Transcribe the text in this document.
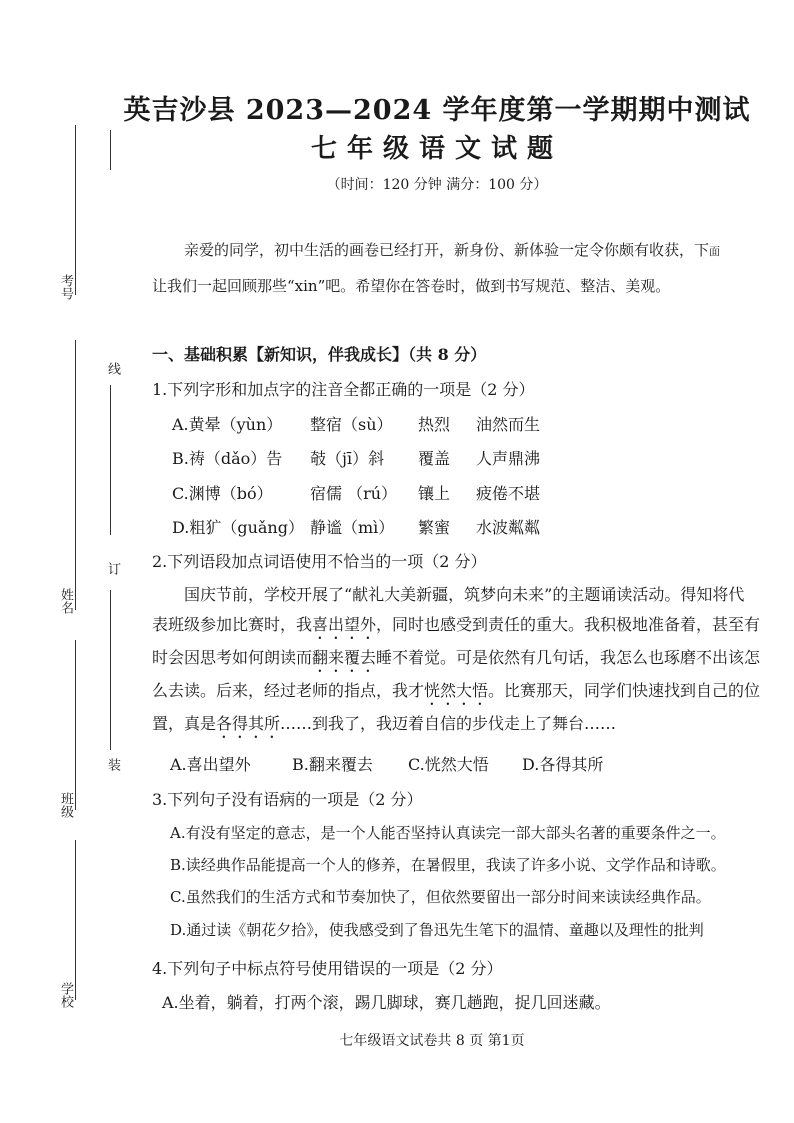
考号
姓名
班级
学校
线
订
装
英吉沙县 2023—2024 学年度第一学期期中测试
七年级语文试题
（时间：120 分钟 满分：100 分）
亲爱的同学，初中生活的画卷已经打开，新身份、新体验一定令你颇有收获，下面
让我们一起回顾那些“xin”吧。希望你在答卷时，做到书写规范、整洁、美观。
一、基础积累【新知识，伴我成长】（共 8 分）
1.下列字形和加点字的注音全都正确的一项是（2 分）
A.黄晕（yùn） 整宿（sù） 热烈 油然而生
B.祷（dǎo）告 攲（jī）斜 覆盖 人声鼎沸
C.渊博（bó） 宿儒 （rú） 镶上 疲倦不堪
D.粗犷（guǎng） 静谧（mì） 繁蜜 水波粼粼
2.下列语段加点词语使用不恰当的一项（2 分）
国庆节前，学校开展了“献礼大美新疆，筑梦向未来”的主题诵读活动。得知将代
表班级参加比赛时，我喜出望外，同时也感受到责任的重大。我积极地准备着，甚至有
时会因思考如何朗读而翻来覆去睡不着觉。可是依然有几句话，我怎么也琢磨不出该怎
么去读。后来，经过老师的指点，我才恍然大悟。比赛那天，同学们快速找到自己的位
置，真是各得其所……到我了，我迈着自信的步伐走上了舞台……
A.喜出望外	B.翻来覆去 C.恍然大悟 D.各得其所
3.下列句子没有语病的一项是（2 分）
A.有没有坚定的意志，是一个人能否坚持认真读完一部大部头名著的重要条件之一。
B.读经典作品能提高一个人的修养，在暑假里，我读了许多小说、文学作品和诗歌。
C.虽然我们的生活方式和节奏加快了，但依然要留出一部分时间来读读经典作品。
D.通过读《朝花夕拾》，使我感受到了鲁迅先生笔下的温情、童趣以及理性的批判
4.下列句子中标点符号使用错误的一项是（2 分）
A.坐着，躺着，打两个滚，踢几脚球，赛几趟跑，捉几回迷藏。
七年级语文试卷共 8 页 第1页
